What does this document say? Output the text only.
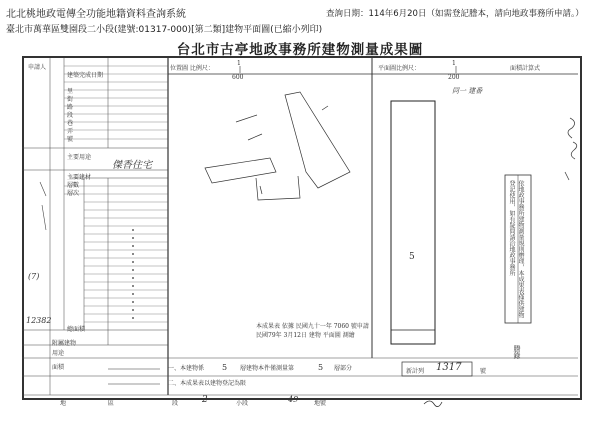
北北桃地政電傳全功能地籍資料查詢系統	查詢日期：114年6月20日（如需登記謄本，請向地政事務所申請。）
臺北市萬華區雙園段二小段(建號:01317-000)[第二類]建物平面圖(已縮小列印)
台北市古亭地政事務所建物測量成果圖
位置圖 比例尺：
1
600
平面圖比例尺：
1
200
面積計算式
同一 建番
5
申請人
建築完成日期
里
街
路
段
巷
弄
號
主要用途
主要建材
層數
層次
總面積
附屬建物
用途
面積
傑香住宅
(7)
12382
本成果表 依據 民國九十一年 7060 號申請 民國79年 3月12日 建物 平面圖 測繪
一、本建物係 5 層建物本件僅測量第	5 層部分
二、本成果表以建物登記為限
新計列 1317	號
依地政事務所建物測量規則辦理，本成果表僅供建物登記使用，如有疑問請洽地政事務所
謄錄
地	區	段	2	小段	49	地號
